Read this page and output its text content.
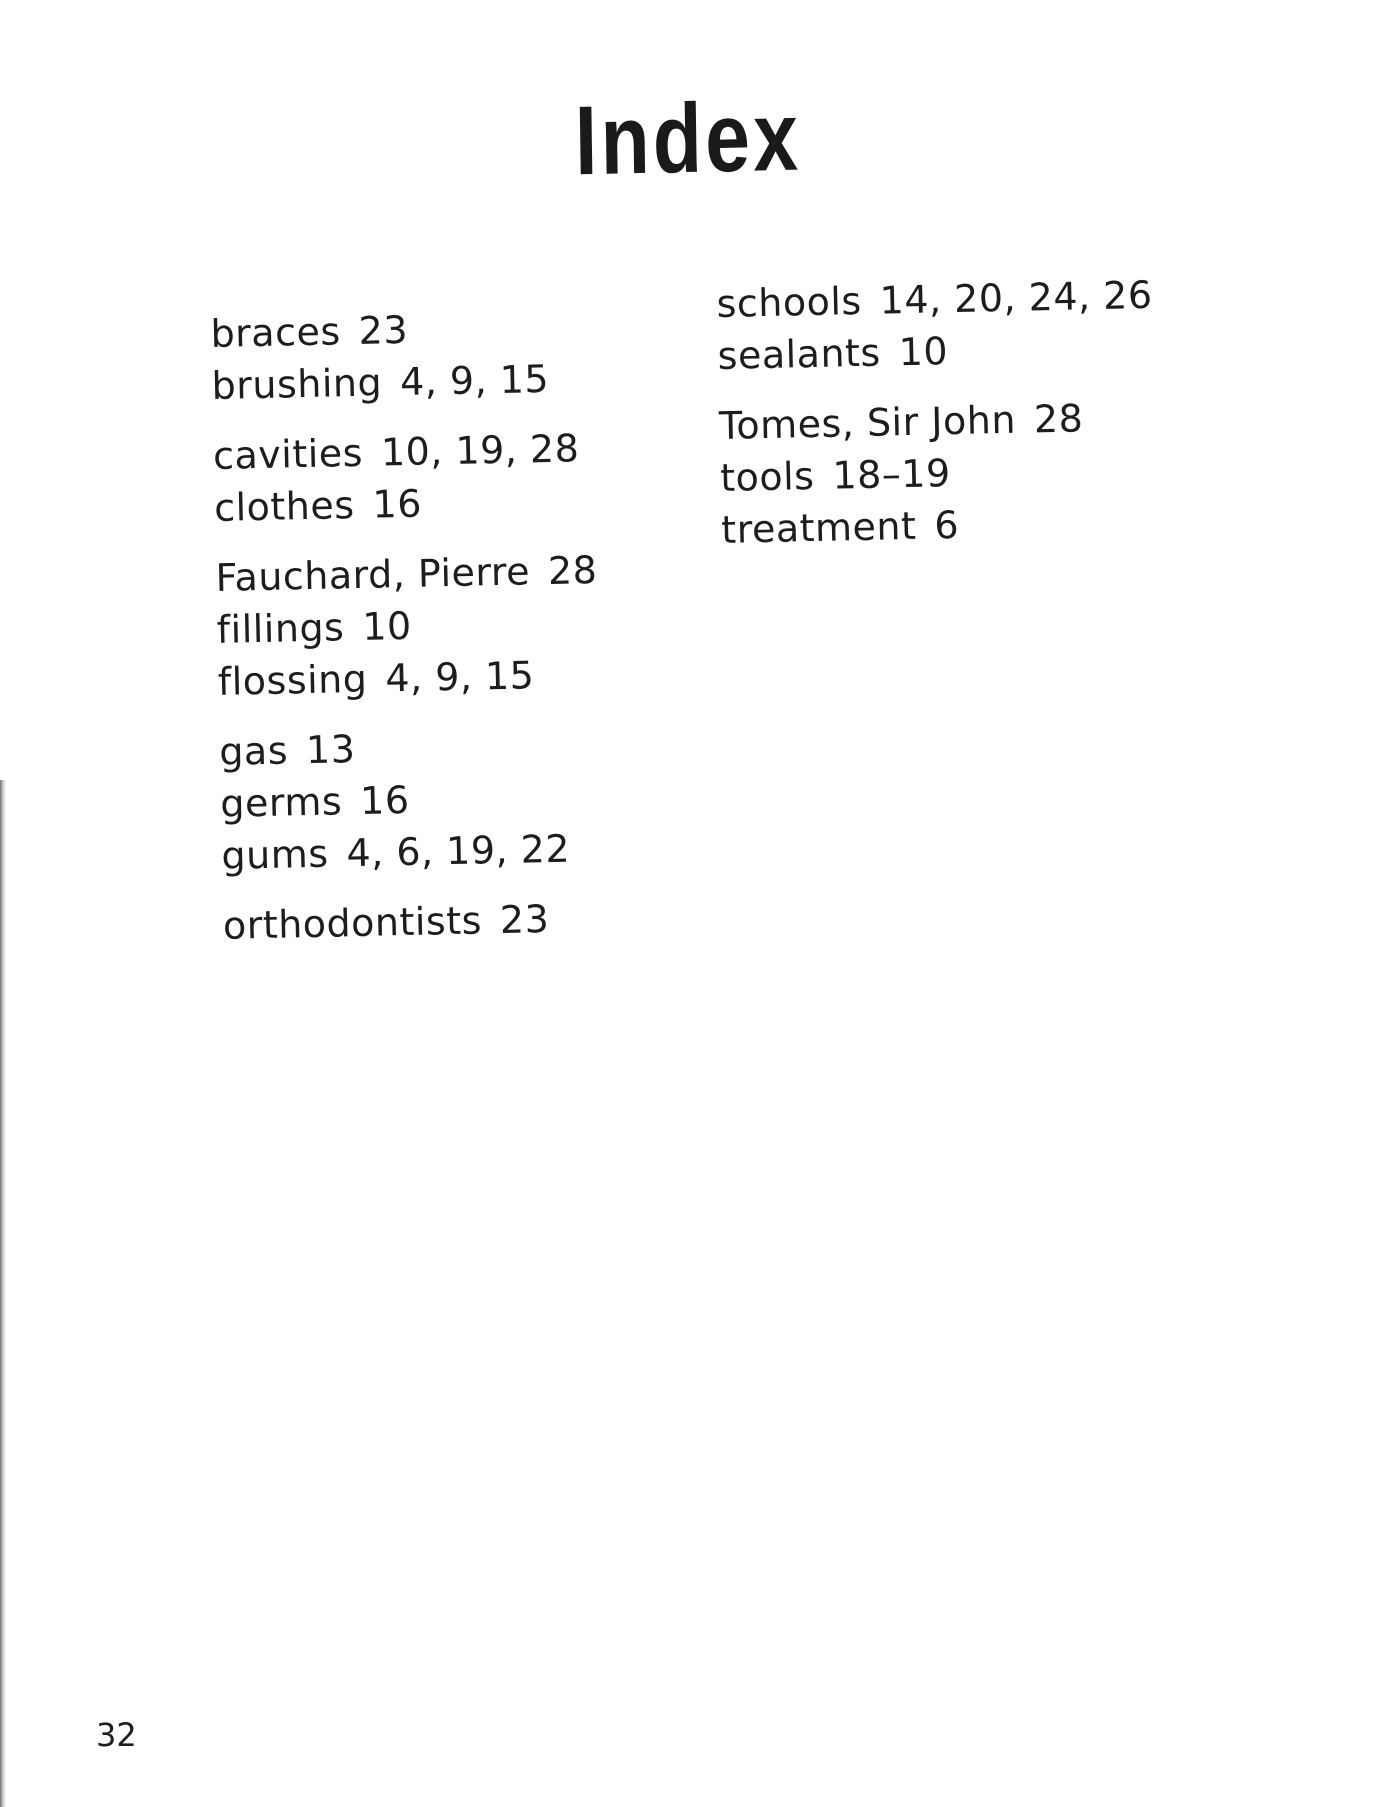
Index
braces 23
brushing 4, 9, 15
cavities 10, 19, 28
clothes 16
Fauchard, Pierre 28
fillings 10
flossing 4, 9, 15
gas 13
germs 16
gums 4, 6, 19, 22
orthodontists 23
schools 14, 20, 24, 26
sealants 10
Tomes, Sir John 28
tools 18–19
treatment 6
32
